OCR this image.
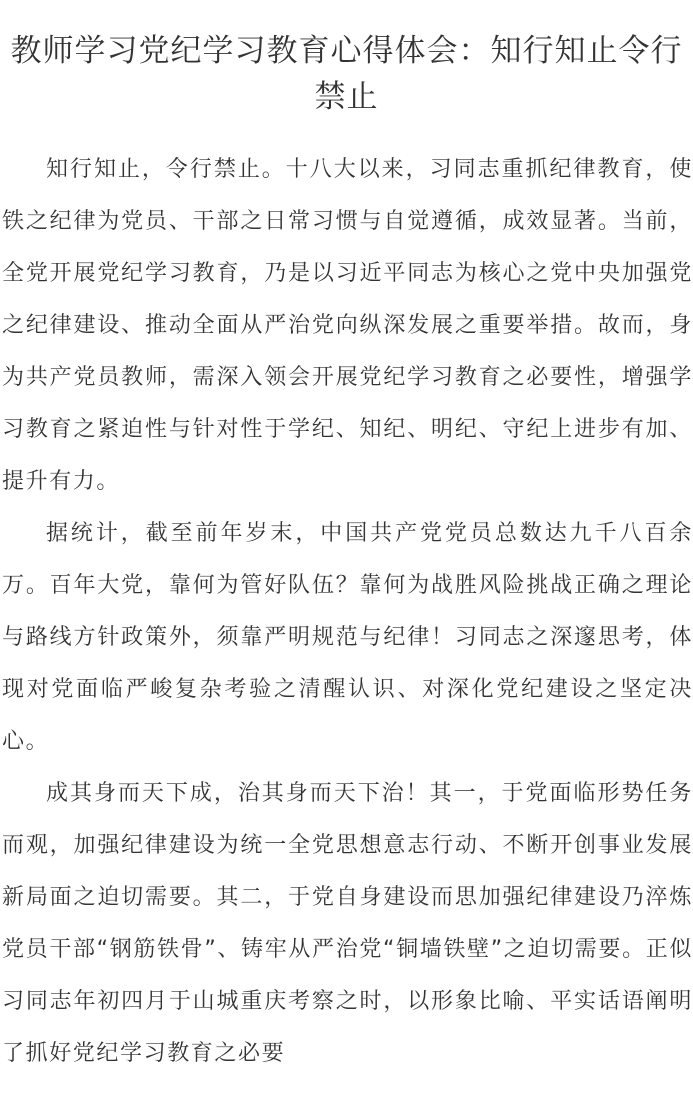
教师学习党纪学习教育心得体会：知行知止令行禁止

知行知止，令行禁止。十八大以来，习同志重抓纪律教育，使铁之纪律为党员、干部之日常习惯与自觉遵循，成效显著。当前，全党开展党纪学习教育，乃是以习近平同志为核心之党中央加强党之纪律建设、推动全面从严治党向纵深发展之重要举措。故而，身为共产党员教师，需深入领会开展党纪学习教育之必要性，增强学习教育之紧迫性与针对性于学纪、知纪、明纪、守纪上进步有加、提升有力。

据统计，截至前年岁末，中国共产党党员总数达九千八百余万。百年大党，靠何为管好队伍？靠何为战胜风险挑战正确之理论与路线方针政策外，须靠严明规范与纪律！习同志之深邃思考，体现对党面临严峻复杂考验之清醒认识、对深化党纪建设之坚定决心。

成其身而天下成，治其身而天下治！其一，于党面临形势任务而观，加强纪律建设为统一全党思想意志行动、不断开创事业发展新局面之迫切需要。其二，于党自身建设而思加强纪律建设乃淬炼党员干部“钢筋铁骨”、铸牢从严治党“铜墙铁壁”之迫切需要。正似习同志年初四月于山城重庆考察之时，以形象比喻、平实话语阐明了抓好党纪学习教育之必要
